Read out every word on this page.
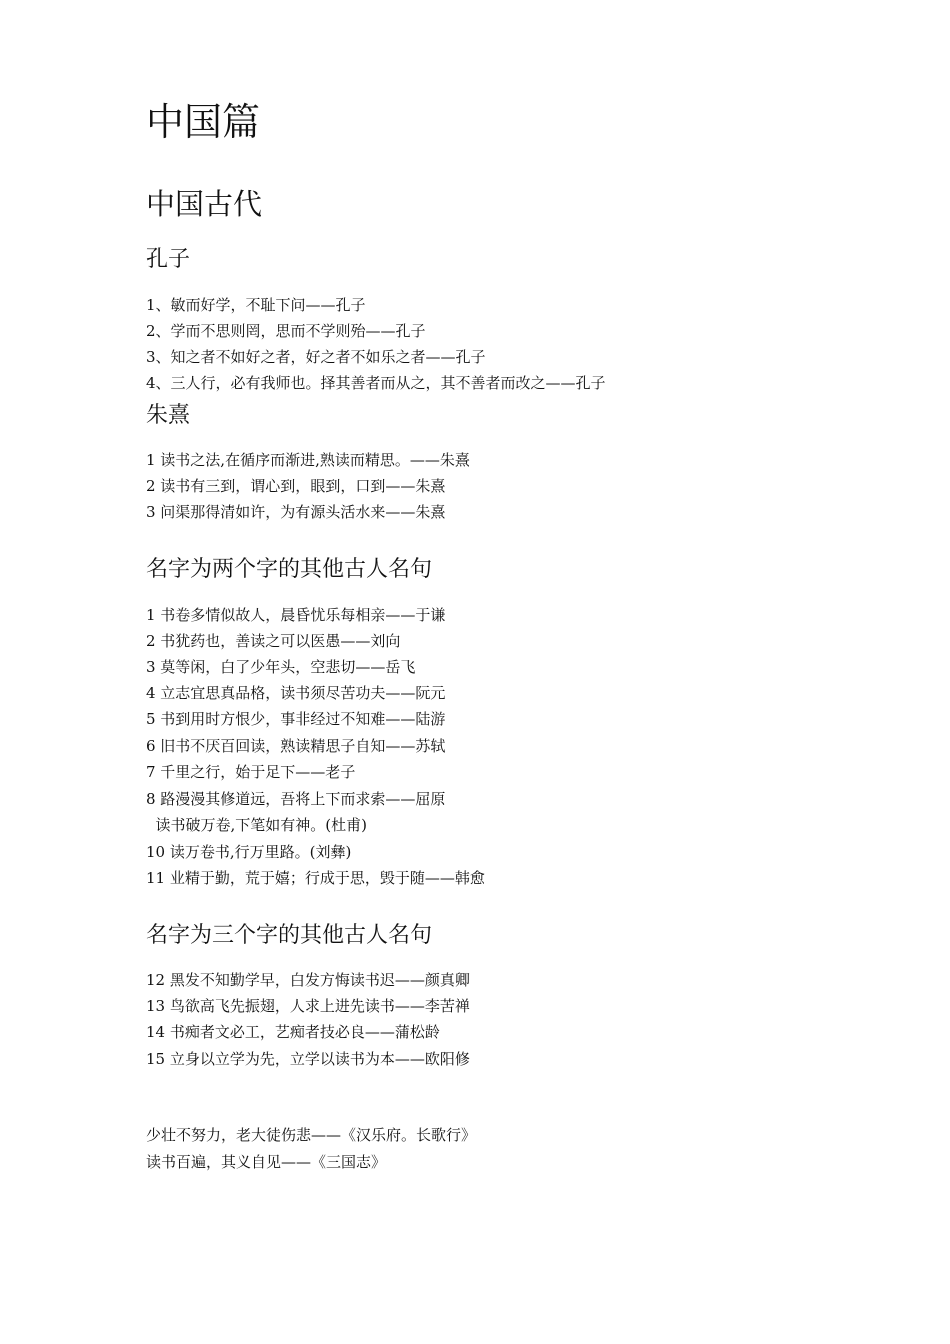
中国篇
中国古代
孔子
1、敏而好学，不耻下问——孔子
2、学而不思则罔，思而不学则殆——孔子
3、知之者不如好之者，好之者不如乐之者——孔子
4、三人行，必有我师也。择其善者而从之，其不善者而改之——孔子
朱熹
1 读书之法,在循序而渐进,熟读而精思。——朱熹
2 读书有三到，谓心到，眼到，口到——朱熹
3 问渠那得清如许，为有源头活水来——朱熹
名字为两个字的其他古人名句
1 书卷多情似故人，晨昏忧乐每相亲——于谦
2 书犹药也，善读之可以医愚——刘向
3 莫等闲，白了少年头，空悲切——岳飞
4 立志宜思真品格，读书须尽苦功夫——阮元
5 书到用时方恨少，事非经过不知难——陆游
6 旧书不厌百回读，熟读精思子自知——苏轼
7 千里之行，始于足下——老子
8 路漫漫其修道远，吾将上下而求索——屈原
读书破万卷,下笔如有神。(杜甫)
10 读万卷书,行万里路。(刘彝)
11 业精于勤，荒于嬉；行成于思，毁于随——韩愈
名字为三个字的其他古人名句
12 黑发不知勤学早，白发方悔读书迟——颜真卿
13 鸟欲高飞先振翅，人求上进先读书——李苦禅
14 书痴者文必工，艺痴者技必良——蒲松龄
15 立身以立学为先，立学以读书为本——欧阳修
少壮不努力，老大徒伤悲——《汉乐府。长歌行》
读书百遍，其义自见——《三国志》
